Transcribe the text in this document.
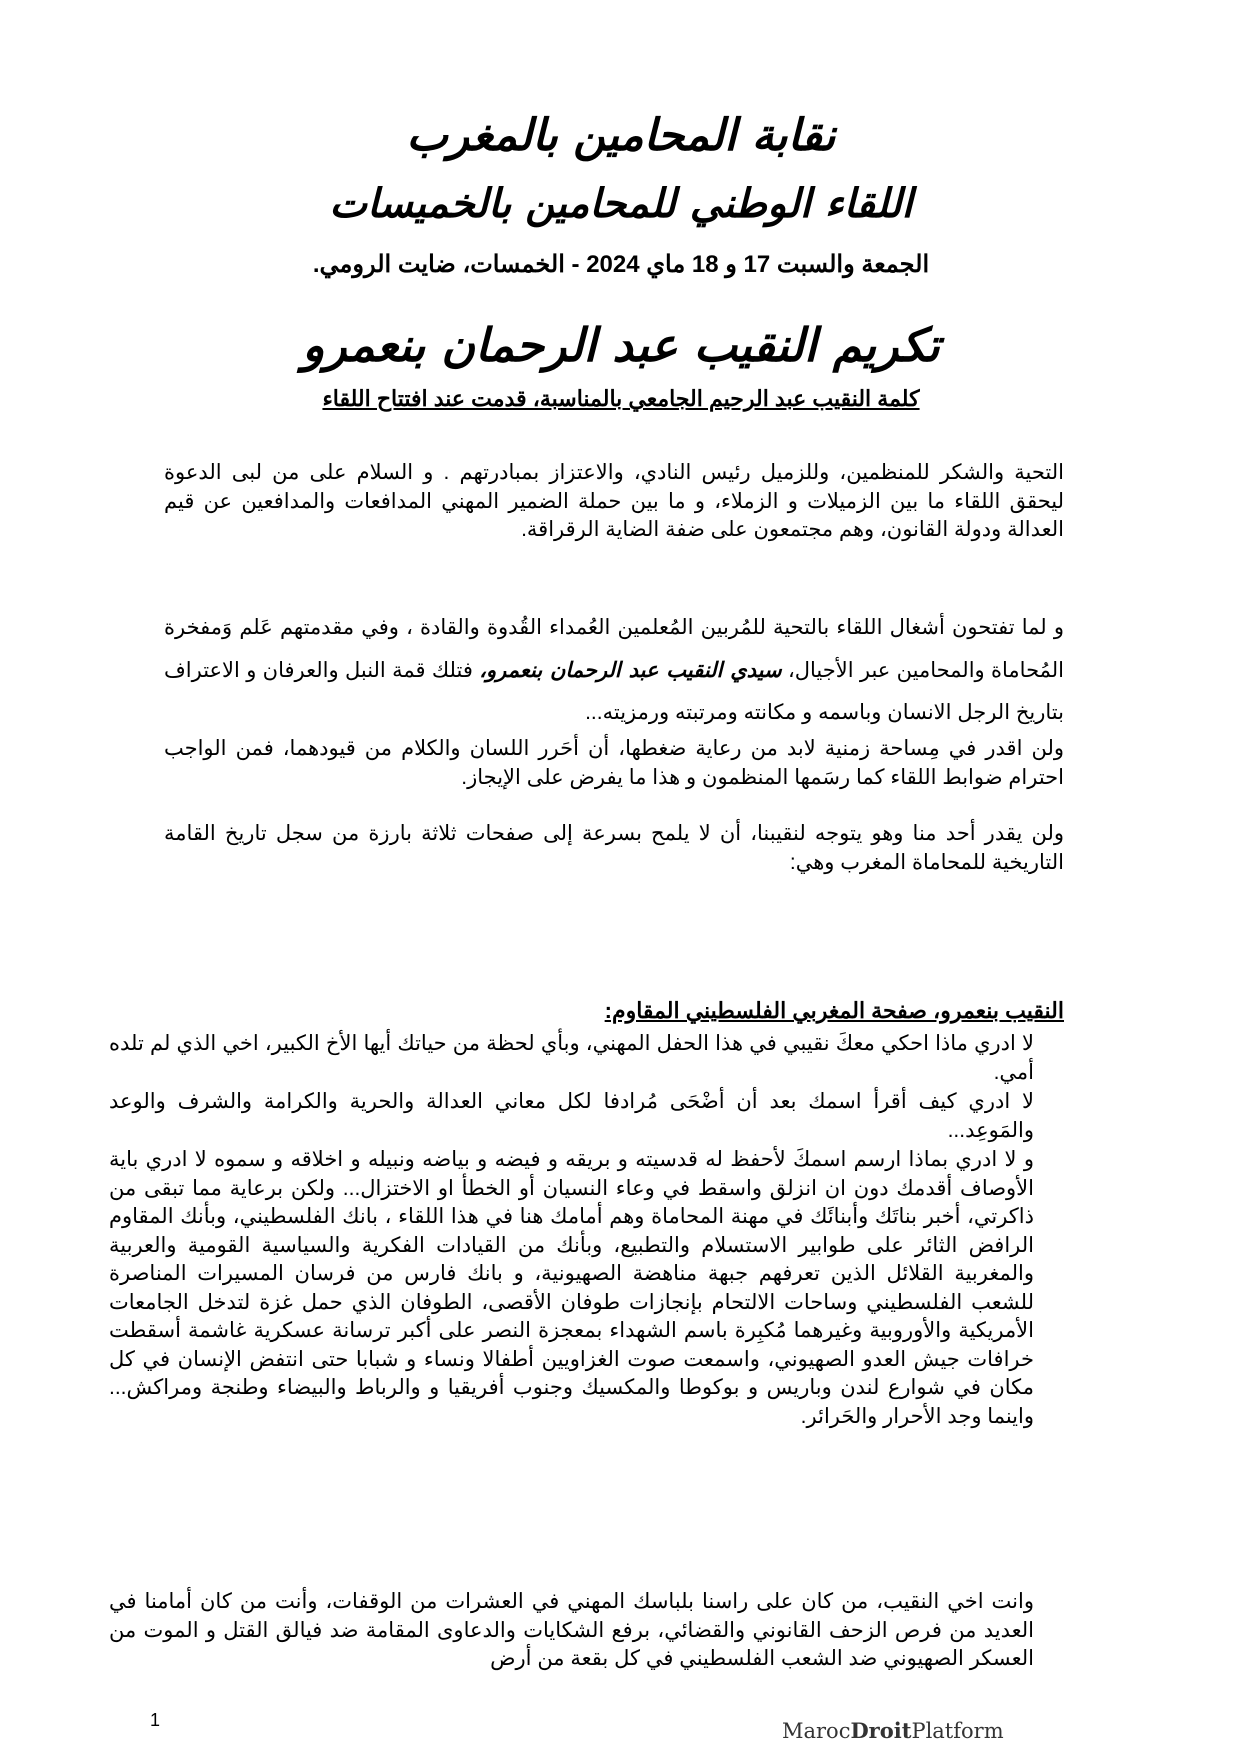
نقابة المحامين بالمغرب
اللقاء الوطني للمحامين بالخميسات
الجمعة والسبت 17 و 18 ماي 2024 - الخمسات، ضايت الرومي.
تكريم النقيب عبد الرحمان بنعمرو
كلمة النقيب عبد الرحيم الجامعي بالمناسبة، قدمت عند افتتاح اللقاء
التحية والشكر للمنظمين، وللزميل رئيس النادي، والاعتزاز بمبادرتهم . و السلام على من لبى الدعوة ليحقق اللقاء ما بين الزميلات و الزملاء، و ما بين حملة الضمير المهني المدافعات والمدافعين عن قيم العدالة ودولة القانون، وهم مجتمعون على ضفة الضاية الرقراقة.
و لما تفتحون أشغال اللقاء بالتحية للمُربين المُعلمين العُمداء القُدوة والقادة ، وفي مقدمتهم عَلم وَمفخرة المُحاماة والمحامين عبر الأجيال، سيدي النقيب عبد الرحمان بنعمرو، فتلك قمة النبل والعرفان و الاعتراف بتاريخ الرجل الانسان وباسمه و مكانته ومرتبته ورمزيته...
ولن اقدر في مِساحة زمنية لابد من رعاية ضغطها، أن أحَرر اللسان والكلام من قيودهما، فمن الواجب احترام ضوابط اللقاء كما رسَمها المنظمون و هذا ما يفرض على الإيجاز.
ولن يقدر أحد منا وهو يتوجه لنقيبنا، أن لا يلمح بسرعة إلى صفحات ثلاثة بارزة من سجل تاريخ القامة التاريخية للمحاماة المغرب وهي:
النقيب بنعمرو، صفحة المغربي الفلسطيني المقاوم:
لا ادري ماذا احكي معكَ نقيبي في هذا الحفل المهني، وبأي لحظة من حياتك أيها الأخ الكبير، اخي الذي لم تلده أمي.
لا ادري كيف أقرأ اسمك بعد أن أضْحَى مُرادفا لكل معاني العدالة والحرية والكرامة والشرف والوعد والمَوعِد...
و لا ادري بماذا ارسم اسمكَ لأحفظ له قدسيته و بريقه و فيضه و بياضه ونبيله و اخلاقه و سموه لا ادري باية الأوصاف أقدمك دون ان انزلق واسقط في وعاء النسيان أو الخطأ او الاختزال... ولكن برعاية مما تبقى من ذاكرتي، أخبر بناتَك وأبنائَك في مهنة المحاماة وهم أمامك هنا في هذا اللقاء ، بانك الفلسطيني، وبأنك المقاوم الرافض الثائر على طوابير الاستسلام والتطبيع، وبأنك من القيادات الفكرية والسياسية القومية والعربية والمغربية القلائل الذين تعرفهم جبهة مناهضة الصهيونية، و بانك فارس من فرسان المسيرات المناصرة للشعب الفلسطيني وساحات الالتحام بإنجازات طوفان الأقصى، الطوفان الذي حمل غزة لتدخل الجامعات الأمريكية والأوروبية وغيرهما مُكبِرة باسم الشهداء بمعجزة النصر على أكبر ترسانة عسكرية غاشمة أسقطت خرافات جيش العدو الصهيوني، واسمعت صوت الغزاويين أطفالا ونساء و شبابا حتى انتفض الإنسان في كل مكان في شوارع لندن وباريس و بوكوطا والمكسيك وجنوب أفريقيا و والرباط والبيضاء وطنجة ومراكش... واينما وجد الأحرار والحَرائر.
وانت اخي النقيب، من كان على راسنا بلباسك المهني في العشرات من الوقفات، وأنت من كان أمامنا في العديد من فرص الزحف القانوني والقضائي، برفع الشكايات والدعاوى المقامة ضد فيالق القتل و الموت من العسكر الصهيوني ضد الشعب الفلسطيني في كل بقعة من أرض
1	MarocDroitPlatform
